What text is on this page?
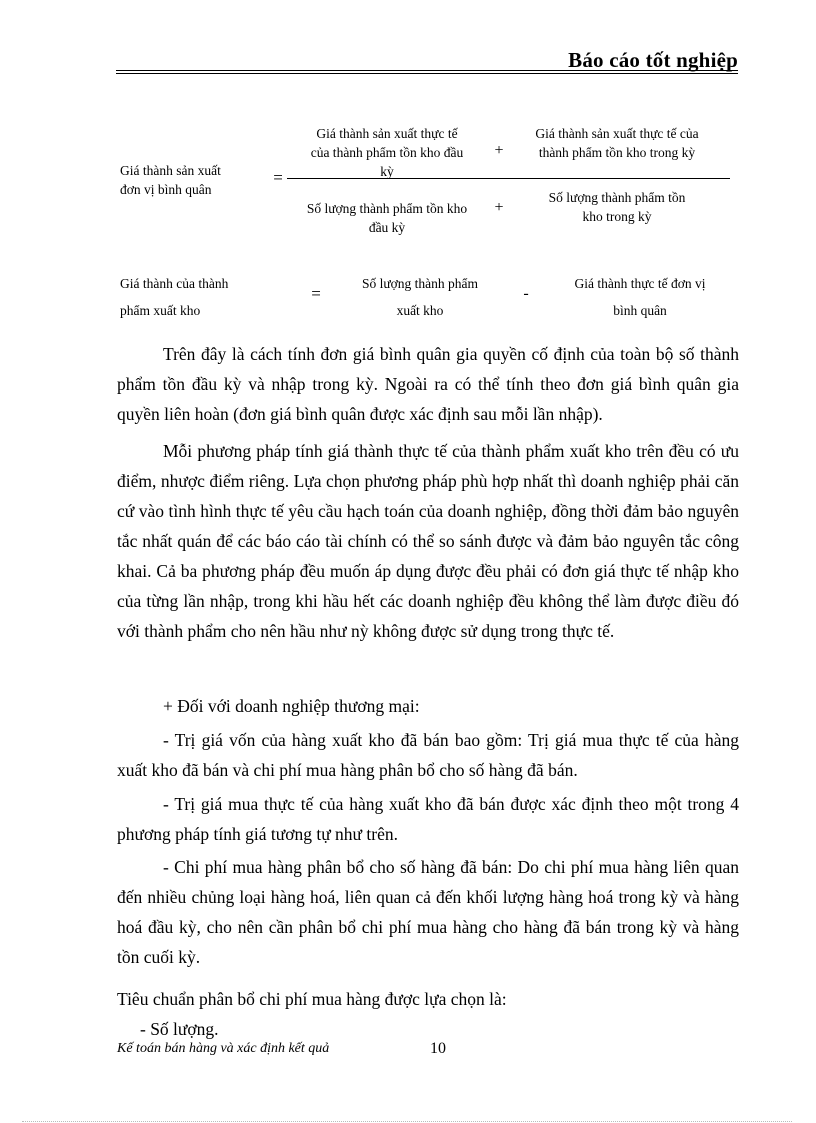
Báo cáo tốt nghiệp
Giá thành sản xuất
đơn vị bình quân
=
Giá thành sản xuất thực tế
của thành phẩm tồn kho đầu
kỳ
+
Giá thành sản xuất thực tế của
thành phẩm tồn kho trong kỳ
Số lượng thành phẩm tồn kho
đầu kỳ
+
Số lượng thành phẩm tồn
kho trong kỳ
Giá thành của thành
phẩm xuất kho
=
Số lượng thành phẩm
xuất kho
-
Giá thành thực tế đơn vị
bình quân
Trên đây là cách tính đơn giá bình quân gia quyền cố định của toàn bộ số thành phẩm tồn đầu kỳ và nhập trong kỳ. Ngoài ra có thể tính theo đơn giá bình quân gia quyền liên hoàn (đơn giá bình quân được xác định sau mỗi lần nhập).
Mỗi phương pháp tính giá thành thực tế của thành phẩm xuất kho trên đều có ưu điểm, nhược điểm riêng. Lựa chọn phương pháp phù hợp nhất thì doanh nghiệp phải căn cứ vào tình hình thực tế yêu cầu hạch toán của doanh nghiệp, đồng thời đảm bảo nguyên tắc nhất quán để các báo cáo tài chính có thể so sánh được và đảm bảo nguyên tắc công khai. Cả ba phương pháp đều muốn áp dụng được đều phải có đơn giá thực tế nhập kho của từng lần nhập, trong khi hầu hết các doanh nghiệp đều không thể làm được điều đó với thành phẩm cho nên hầu như nỳ không được sử dụng trong thực tế.
+ Đối với doanh nghiệp thương mại:
- Trị giá vốn của hàng xuất kho đã bán bao gồm: Trị giá mua thực tế của hàng xuất kho đã bán và chi phí mua hàng phân bổ cho số hàng đã bán.
- Trị giá mua thực tế của hàng xuất kho đã bán được xác định theo một trong 4 phương pháp tính giá tương tự như trên.
- Chi phí mua hàng phân bổ cho số hàng đã bán: Do chi phí mua hàng liên quan đến nhiều chủng loại hàng hoá, liên quan cả đến khối lượng hàng hoá trong kỳ và hàng hoá đầu kỳ, cho nên cần phân bổ chi phí mua hàng cho hàng đã bán trong kỳ và hàng tồn cuối kỳ.
Tiêu chuẩn phân bổ chi phí mua hàng được lựa chọn là:
- Số lượng.
Kế toán bán hàng và xác định kết quả	10
